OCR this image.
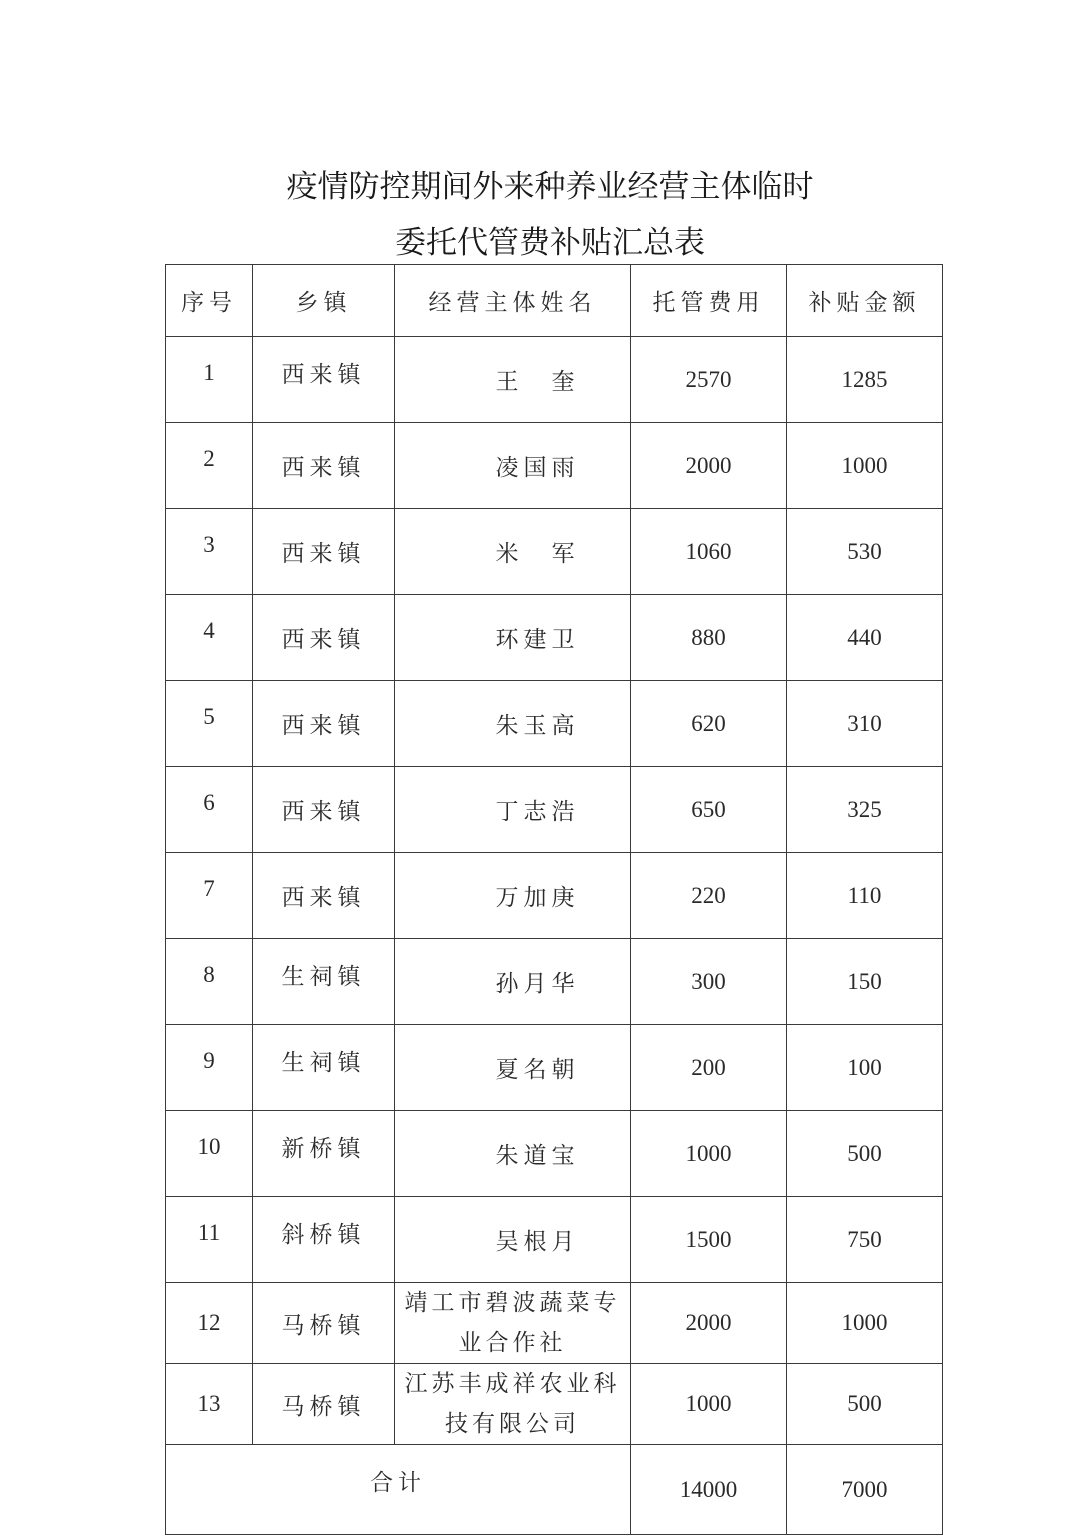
疫情防控期间外来种养业经营主体临时
委托代管费补贴汇总表
序号	乡镇	经营主体姓名	托管费用	补贴金额
1	西来镇	王　奎	2570	1285
2	西来镇	凌国雨	2000	1000
3	西来镇	米　军	1060	530
4	西来镇	环建卫	880	440
5	西来镇	朱玉高	620	310
6	西来镇	丁志浩	650	325
7	西来镇	万加庚	220	110
8	生祠镇	孙月华	300	150
9	生祠镇	夏名朝	200	100
10	新桥镇	朱道宝	1000	500
11	斜桥镇	吴根月	1500	750
12	马桥镇	靖工市碧波蔬菜专业合作社	2000	1000
13	马桥镇	江苏丰成祥农业科技有限公司	1000	500
合计			14000	7000
